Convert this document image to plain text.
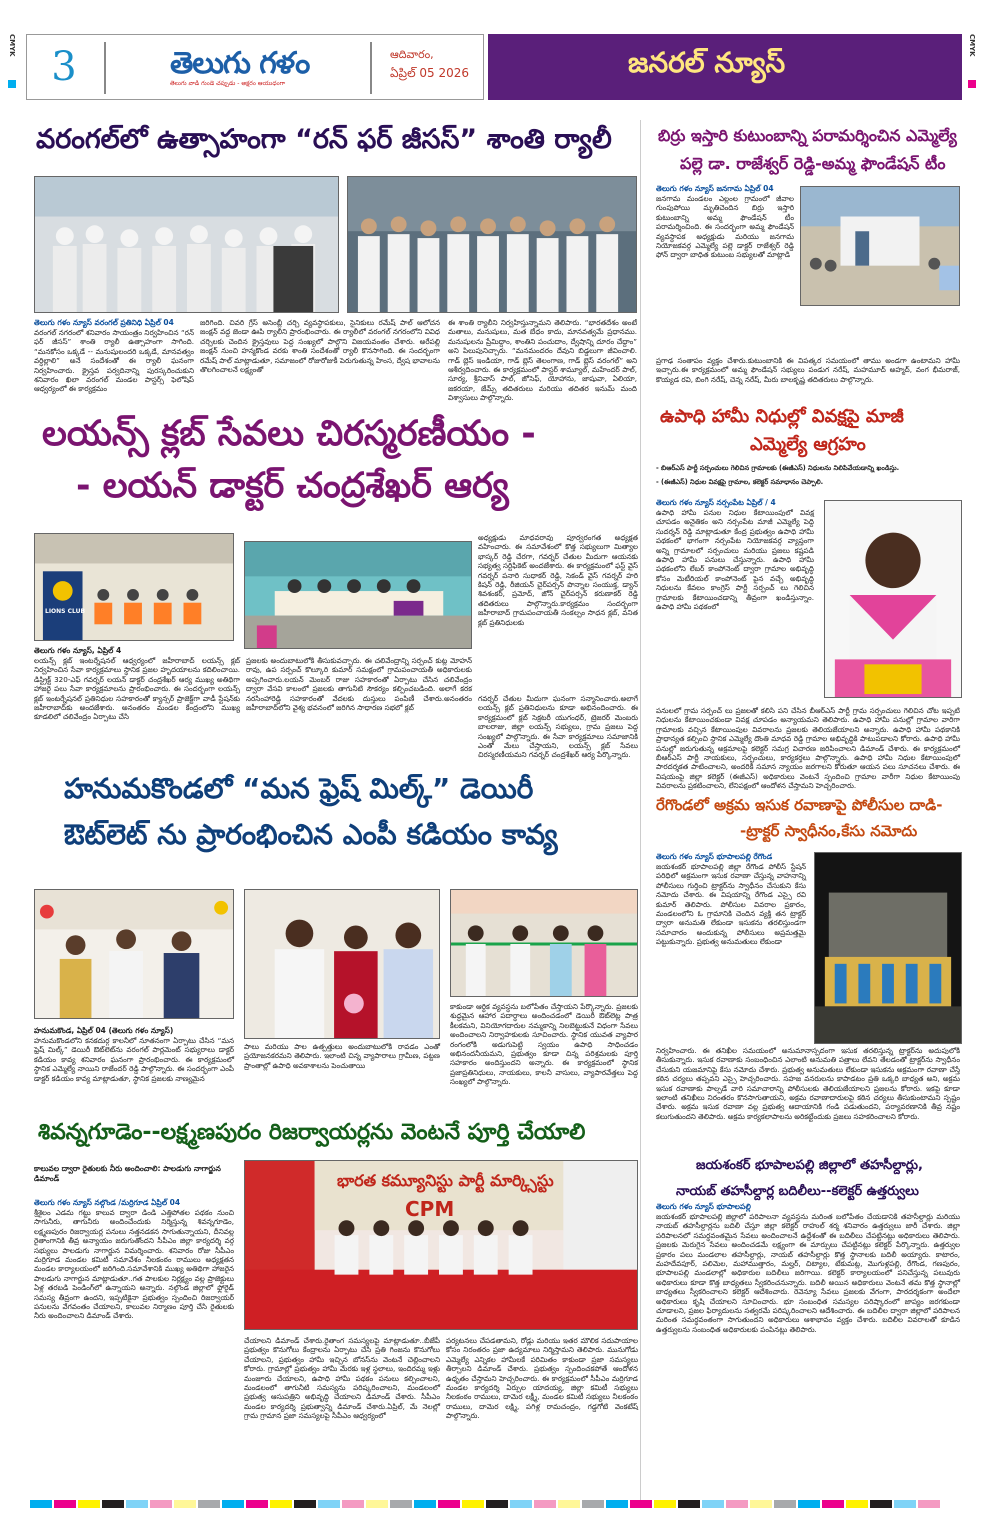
CMYK	CMYK
3	తెలుగు గళం
తెలుగు వాడి గుండె చప్పుడు - అక్షరం ఆయుధంగా
ఆదివారం,
ఏప్రిల్ 05 2026	జనరల్ న్యూస్
వరంగల్‌లో ఉత్సాహంగా “రన్ ఫర్ జీసస్” శాంతి ర్యాలీ
తెలుగు గళం న్యూస్ వరంగల్ ప్రతినిధి ఏప్రిల్ 04
వరంగల్ నగరంలో శనివారం సాయంత్రం నిర్వహించిన “రన్ ఫర్ జీసస్” శాంతి ర్యాలీ ఉత్సాహంగా సాగింది. “మనకోసం ఒక్కడే -- మనుషులందరి ఒక్కడే, మానవత్వం వర్ధిల్లాలి” అనే సందేశంతో ఈ ర్యాలీ ఘనంగా నిర్వహించారు. క్రైస్తవ పర్వదినాన్ని పురస్కరించుకుని శనివారం ఖిలా వరంగల్ మండల పాస్టర్స్ ఫెలోషిప్ ఆధ్వర్యంలో ఈ కార్యక్రమం
జరిగింది. చివరి గ్రేస్ అసెంబ్లీ చర్చి వ్యవస్థాపకులు, సైనికులు రమేష్ పాల్ ఆలోచన జంక్షన్ వద్ద జెండా ఊపి ర్యాలీని ప్రారంభించారు. ఈ ర్యాలీలో వరంగల్ నగరంలోని వివిధ చర్చిలకు చెందిన క్రైస్తవులు పెద్ద సంఖ్యలో పాల్గొని విజయవంతం చేశారు. అరేపల్లి జంక్షన్ నుంచి హన్మకొండ వరకు శాంతి సందేశంతో ర్యాలీ కొనసాగింది. ఈ సందర్భంగా రమేష్ పాల్ మాట్లాడుతూ, సమాజంలో రోజురోజుకీ పెరుగుతున్న హింస, ద్వేష భావాలను తొలగించాలనే లక్ష్యంతో
ఈ శాంతి ర్యాలీని నిర్వహిస్తున్నామని తెలిపారు. “భారతదేశం అంటే మతాలు, మనుషులు, మత బేధం కాదు, మానవత్వమే ప్రధానము. మనుషులను ప్రేమిద్దాం, శాంతిని పంచుదాం, ద్వేషాన్ని దూరం చేద్దాం” అని పిలుపునిచ్చారు. “మనమందరం దేవుని బిడ్డలుగా జీవించాలి. గాడ్ బ్లెస్ ఇండియా, గాడ్ బ్లెస్ తెలంగాణ, గాడ్ బ్లెస్ వరంగల్” అని ఆశీర్వదించారు. ఈ కార్యక్రమంలో పాస్టర్ శామ్యూల్, మహేందర్ పాల్, సూర్య, శ్రీనివాస్ పాల్, జోసెఫ్, యోహాను, జాషువా, ఏలియా, జకరయా, జేమ్స్ తదితరులు మరియు తదితర ఇనుమ్ మంది విశ్వాసులు పాల్గొన్నారు.
లయన్స్ క్లబ్ సేవలు చిరస్మరణీయం -
- లయన్ డాక్టర్ చంద్రశేఖర్ ఆర్య
LIONS CLUB
తెలుగు గళం న్యూస్, ఏప్రిల్ 4
లయన్స్ క్లబ్ ఇంటర్నేషనల్ ఆధ్వర్యంలో జహీరాబాద్ లయన్స్ క్లబ్ నిర్వహించిన సేవా కార్యక్రమాలు స్థానిక ప్రజల హృదయాలను కదిలించాయి. డిస్ట్రిక్ట్ 320-ఎఫ్ గవర్నర్ లయన్ డాక్టర్ చంద్రశేఖర్ ఆర్య ముఖ్య అతిథిగా హాజరై పలు సేవా కార్యక్రమాలను ప్రారంభించారు. ఈ సందర్భంగా లయన్స్ క్లబ్ ఇంటర్నేషనల్ ప్రతినిధుల సహకారంతో క్యాన్సర్ ప్రాజెక్ట్‌గా వాడీ స్టేషన్‌కు జహీరాబాద్‌కు అందజేశారు. అనంతరం మండల కేంద్రంలోని ముఖ్య కూడలిలో చలివేంద్రం ఏర్పాటు చేసి
ప్రజలకు అందుబాటులోకి తీసుకువచ్చారు. ఈ చలివేంద్రాన్ని సర్పంచ్ కుట్ల మోహన్ రావు, ఉప సర్పంచ్ కొల్కూరి కుమార్ సమక్షంలో గ్రామపంచాయతీ అధికారులకు అప్పగించారు.లయన్ మెంబర్ రాజు సహకారంతో ఏర్పాటు చేసిన చలివేంద్రం ద్వారా వేసవి కాలంలో ప్రజలకు తాగునీటి సౌకర్యం కల్పించబడింది. అలాగే కరక నరసింహారెడ్డి సహకారంతో వేదలకు దుస్తులు పంపిణీ చేశారు.అనంతరం జహీరాబాద్‌లోని వైశ్య భవనంలో జరిగిన సాధారణ సభలో క్లబ్
అధ్యక్షుడు మాధవరావు పూర్వరంగత అధ్యక్షత వహించారు. ఈ సమావేశంలో కొత్త సభ్యులుగా మిత్యాల భాస్కర్ రెడ్డి చేరగా, గవర్నర్ చేతుల మీదుగా ఆయనకు సభ్యత్వ సర్టిఫికెట్ అందజేశారు. ఈ కార్యక్రమంలో ఫస్ట్ వైస్ గవర్నర్ పనారి సుధాకర్ రెడ్డి, సెకండ్ వైస్ గవర్నర్ హరి కిషన్ రెడ్డి, రీజియన్ చైర్‌పర్సన్ పొన్నాల సంయుక్త, డ్యాన్ శివశంకర్, ప్రమోద్, జోన్ చైర్‌పర్సన్ కరుణాకర్ రెడ్డి తదితరులు పాల్గొన్నారు.కార్యక్రమం సందర్భంగా జహీరాబాద్ గ్రామపంచాయతీ సంకల్పం సాధన క్లబ్, వనిత క్లబ్ ప్రతినిధులకు
గవర్నర్ చేతుల మీదుగా ఘనంగా సన్మానించారు.అలాగే లయన్స్ క్లబ్ ప్రతినిధులను కూడా అభినందించారు. ఈ కార్యక్రమంలో క్లబ్ సెక్రటరీ యుగంధర్, ట్రెజరర్ మెంబరు బాలరాజు, జిల్లా లయన్స్ సభ్యులు, గ్రామ ప్రజలు పెద్ద సంఖ్యలో పాల్గొన్నారు. ఈ సేవా కార్యక్రమాలు సమాజానికి ఎంతో మేలు చేస్తాయని, లయన్స్ క్లబ్ సేవలు చిరస్మరణీయమని గవర్నర్ చంద్రశేఖర్ ఆర్య పేర్కొన్నారు.
హనుమకొండలో “మన ఫ్రెష్ మిల్క్” డెయిరీ
ఔట్‌లెట్ ను ప్రారంభించిన ఎంపీ కడియం కావ్య
హనుమకొండ, ఏప్రిల్ 04 (తెలుగు గళం న్యూస్)
హనుమకొండలోని కనకదుర్గ కాలనీలో నూతనంగా ఏర్పాటు చేసిన “మన ఫ్రెష్ మిల్క్” డెయిరీ ఔట్‌లెట్‌ను వరంగల్ పార్లమెంట్ సభ్యురాలు డాక్టర్ కడియం కావ్య శనివారం ఘనంగా ప్రారంభించారు. ఈ కార్యక్రమంలో స్థానిక ఎమ్మెల్యే నాయిని రాజేందర్ రెడ్డి పాల్గొన్నారు. ఈ సందర్భంగా ఎంపీ డాక్టర్ కడియం కావ్య మాట్లాడుతూ, స్థానిక ప్రజలకు నాణ్యమైన
పాలు మరియు పాల ఉత్పత్తులు అందుబాటులోకి రావడం ఎంతో ప్రయోజనకరమని తెలిపారు. ఇలాంటి చిన్న వ్యాపారాలు గ్రామీణ, పట్టణ ప్రాంతాల్లో ఉపాధి అవకాశాలను పెంచుతాయి
కాకుండా ఆర్థిక వ్యవస్థను బలోపేతం చేస్తాయని పేర్కొన్నారు. ప్రజలకు శుద్ధమైన ఆహార పదార్థాలు అందించడంలో డెయిరీ ఔట్‌లెట్ల పాత్ర కీలకమని, వినియోగదారుల నమ్మకాన్ని నిలబెట్టుకునే విధంగా సేవలు అందించాలని నిర్వాహకులకు సూచించారు. స్థానిక యువత వ్యాపార రంగంలోకి అడుగుపెట్టి స్వయం ఉపాధి సాధించడం అభినందనీయమని, ప్రభుత్వం కూడా చిన్న పరిశ్రమలకు పూర్తి సహకారం అందిస్తుందని అన్నారు. ఈ కార్యక్రమంలో స్థానిక ప్రజాప్రతినిధులు, నాయకులు, కాలనీ వాసులు, వ్యాపారవేత్తలు పెద్ద సంఖ్యలో పాల్గొన్నారు.
శివన్నగూడెం--లక్ష్మణపురం రిజర్వాయర్లను వెంటనే పూర్తి చేయాలి
కాలువల ద్వారా రైతులకు నీరు అందించాలి: పాలడుగు నాగార్జున డిమాండ్
తెలుగు గళం న్యూస్ నల్గొండ /మర్రిగూడ ఏప్రిల్ 04
భారత కమ్యూనిస్టు పార్టీ మార్క్సిస్టు
CPM
శ్రీశైలం ఎడమ గట్టు కాలువ ద్వారా డిండి ఎత్తిపోతల పథకం నుంచి సాగునీరు, తాగునీరు అందించేందుకు నిర్మిస్తున్న శివన్నగూడెం, లక్ష్మణపురం రిజర్వాయర్ల పనులు నత్తనడకన సాగుతున్నాయని, దీనివల్ల రైతాంగానికి తీవ్ర అన్యాయం జరుగుతోందని సీపీఎం జిల్లా కార్యదర్శి వర్గ సభ్యులు పాలడుగు నాగార్జున విమర్శించారు. శనివారం రోజు సీపీఎం మర్రిగూడ మండల కమిటీ సమావేశం నీలకంఠం రాములు అధ్యక్షతన మండల కార్యాలయంలో జరిగింది.సమావేశానికి ముఖ్య అతిథిగా హాజరైన పాలడుగు నాగార్జున మాట్లాడుతూ..గత పాలకుల నిర్లక్ష్యం వల్ల ప్రాజెక్టులు ఏళ్ల తరబడి పెండింగ్‌లో ఉన్నాయని అన్నారు. నల్గొండ జిల్లాలో ఫ్లోరైడ్ సమస్య తీవ్రంగా ఉందని, ఇప్పటికైనా ప్రభుత్వం స్పందించి రిజర్వాయర్ పనులను వేగవంతం చేయాలని, కాలువల నిర్మాణం పూర్తి చేసి రైతులకు నీరు అందించాలని డిమాండ్ చేశారు.
చేయాలని డిమాండ్ చేశారు.రైతాంగ సమస్యలపై మాట్లాడుతూ..బీజేపీ ప్రభుత్వం కొనుగోలు కేంద్రాలను ఏర్పాటు చేసి ప్రతి గింజను కొనుగోలు చేయాలని, ప్రభుత్వం హామీ ఇచ్చిన బోనస్‌ను వెంటనే చెల్లించాలని కోరారు. గ్రామాల్లో ప్రభుత్వం హామీ మేరకు ఇళ్ల స్థలాలు, ఇందిరమ్మ ఇళ్లు మంజూరు చేయాలని, ఉపాధి హామీ పథకం పనులు కల్పించాలని, మండలంలో తాగునీటి సమస్యను పరిష్కరించాలని, మండలంలో ప్రభుత్వ ఆసుపత్రిని అభివృద్ధి చేయాలని డిమాండ్ చేశారు. సీపీఎం మండల కార్యదర్శి ప్రభుత్వాన్ని డిమాండ్ చేశారు.ఏప్రిల్, మే నెలల్లో గ్రామ గ్రామాన ప్రజా సమస్యలపై సీపీఎం ఆధ్వర్యంలో
పర్యటనలు చేపడతామని, రోడ్లు మరియు ఇతర మౌలిక సదుపాయాల కోసం నిరంతరం ప్రజా ఉద్యమాలు నిర్మిస్తామని తెలిపారు. మునుగోడు ఎమ్మెల్యే ఎన్నికల హామీలకే పరిమితం కాకుండా ప్రజా సమస్యలు తీర్చాలని డిమాండ్ చేశారు. ప్రభుత్వం స్పందించకపోతే ఆందోళన ఉధృతం చేస్తామని హెచ్చరించారు. ఈ కార్యక్రమంలో సీపీఎం మర్రిగూడ మండల కార్యదర్శి ఏర్పుల యాదయ్య, జిల్లా కమిటీ సభ్యులు నీలకంఠం రాములు, దామెర లక్ష్మీ, మండల కమిటీ సభ్యులు నీలకంఠం రాములు, దామెర లక్ష్మి, పగిళ్ల రామచంద్రం, గడ్డగోటి వెంకటేష్ పాల్గొన్నారు.
బిర్రు ఇస్తారి కుటుంబాన్ని పరామర్శించిన ఎమ్మెల్యే
పల్లె డా. రాజేశ్వర్ రెడ్డి-అమ్మ ఫౌండేషన్ టీం
తెలుగు గళం న్యూస్ జనగామ ఏప్రిల్ 04
జనగామ మండలం ఎల్లంల గ్రామంలో జీవాల గుంపుపోయి మృతిచెందిన బిర్రు ఇస్తారి కుటుంబాన్ని అమ్మ ఫౌండేషన్ టీం పరామర్శించింది. ఈ సందర్భంగా అమ్మ ఫౌండేషన్ వ్యవస్థాపక అధ్యక్షుడు మరియు జనగామ నియోజకవర్గ ఎమ్మెల్యే పల్లె డాక్టర్ రాజేశ్వర్ రెడ్డి ఫోన్ ద్వారా బాధిత కుటుంబ సభ్యులతో మాట్లాడి
ప్రగాఢ సంతాపం వ్యక్తం చేశారు.కుటుంబానికి ఈ విపత్కర సమయంలో తాము అండగా ఉంటామని హామీ ఇచ్చారు.ఈ కార్యక్రమంలో అమ్మ ఫౌండేషన్ సభ్యులు పండుగ నరేష్, మహమూద్ అహ్మద్, వంగ భీమరాజ్, కొయ్యడ రవి, బింగి నరేష్, చెన్న నరేష్, మీరు బాలకృష్ణ తదితరులు పాల్గొన్నారు.
ఉపాధి హామీ నిధుల్లో వివక్షపై మాజీ
ఎమ్మెల్యే ఆగ్రహం
- బిఆర్ఎస్ పార్టీ సర్పంచులు గెలిచిన గ్రామాలకు (ఈజీఎస్) నిధులను నిలిపివేయడాన్ని ఖండిస్తు.
- (ఈజీఎస్) నిధుల వివక్షపై గ్రామాల, కలెక్టర్ సమాధానం చెప్పాలి.
తెలుగు గళం న్యూస్ నర్సంపేట ఏప్రిల్ / 4
ఉపాధి హామీ పనుల నిధుల కేటాయింపులో వివక్ష చూపడం అనైతికం అని నర్సంపేట మాజీ ఎమ్మెల్యే పెద్ది సుదర్శన్ రెడ్డి మాట్లాడుతూ కేంద్ర ప్రభుత్వం ఉపాధి హామీ పథకంలో భాగంగా నర్సంపేట నియోజకవర్గ వ్యాప్తంగా అన్ని గ్రామాలలో సర్పంచులు మరియు ప్రజలు కష్టపడి ఉపాధి హామీ పనులు చేస్తున్నారు. ఉపాధి హామీ పథకంలోని లేబర్ కాంపోనెంట్ ద్వారా గ్రామాల అభివృద్ధి కోసం మెటీరియల్ కాంపోనెంట్ పైన వచ్చే అభివృద్ధి నిధులను కేవలం కాంగ్రెస్ పార్టీ సర్పంచ్ లు గెలిచిన గ్రామాలకు కేటాయించడాన్ని తీవ్రంగా ఖండిస్తున్నాం. ఉపాధి హామీ పథకంలో
పనులలో గ్రామ సర్పంచ్ లు ప్రజలతో కలిసి పని చేసిన బీఆర్ఎస్ పార్టీ గ్రామ సర్పంచులు గెలిచిన చోట ఇప్పటి నిధులను కేటాయించకుండా వివక్ష చూపడం అన్యాయమని తెలిపారు. ఉపాధి హామీ పనుల్లో గ్రామాల వారిగా గ్రామాలకు వచ్చిన కేటాయింపుల వివరాలను ప్రజలకు తెలియజేయాలని అన్నారు. ఉపాధి హామీ పథకానికి ప్రాధాన్యత కల్పించి స్థానిక ఎమ్మెల్యే దొంతి మాధవ రెడ్డి గ్రామాల అభివృద్ధికి పాటుపడాలని కోరారు. ఉపాధి హామీ పనుల్లో జరుగుతున్న అక్రమాలపై కలెక్టర్ సమగ్ర విచారణ జరిపించాలని డిమాండ్ చేశారు. ఈ కార్యక్రమంలో బీఆర్ఎస్ పార్టీ నాయకులు, సర్పంచులు, కార్యకర్తలు పాల్గొన్నారు. ఉపాధి హామీ నిధుల కేటాయింపులో పారదర్శకత పాటించాలని, అందరికీ సమాన న్యాయం జరగాలని కోరుతూ ఆయన పలు సూచనలు చేశారు. ఈ విషయంపై జిల్లా కలెక్టర్ (ఈజీఎస్) అధికారులు వెంటనే స్పందించి గ్రామాల వారీగా నిధుల కేటాయింపు వివరాలను ప్రకటించాలని, లేనిపక్షంలో ఆందోళన చేస్తామని హెచ్చరించారు.
రేగొండలో అక్రమ ఇసుక రవాణాపై పోలీసుల దాడి-
-ట్రాక్టర్ స్వాధీనం,కేసు నమోదు
తెలుగు గళం న్యూస్ భూపాలపల్లి రేగొండ
జయశంకర్ భూపాలపల్లి జిల్లా రేగొండ పోలీస్ స్టేషన్ పరిధిలో అక్రమంగా ఇసుక రవాణా చేస్తున్న వాహనాన్ని పోలీసులు గుర్తించి ట్రాక్టర్‌ను స్వాధీనం చేసుకుని కేసు నమోదు చేశారు. ఈ విషయాన్ని రేగొండ ఎస్సై రవి కుమార్ తెలిపారు. పోలీసుల వివరాల ప్రకారం, మండలంలోని ఓ గ్రామానికి చెందిన వ్యక్తి తన ట్రాక్టర్ ద్వారా అనుమతి లేకుండా ఇసుకను తరలిస్తుండగా సమాచారం అందుకున్న పోలీసులు అప్రమత్తమై పట్టుకున్నారు. ప్రభుత్వ అనుమతులు లేకుండా
నిర్వహించారు. ఈ తనిఖీల సమయంలో అనుమానాస్పదంగా ఇసుక తరలిస్తున్న ట్రాక్టర్‌ను అదుపులోకి తీసుకున్నారు. ఇసుక రవాణాకు సంబంధించిన ఎలాంటి అనుమతి పత్రాలు లేవని తేలడంతో ట్రాక్టర్‌ను స్వాధీనం చేసుకుని యజమానిపై కేసు నమోదు చేశారు. ప్రభుత్వ అనుమతులు లేకుండా ఇసుకను అక్రమంగా రవాణా చేస్తే కఠిన చర్యలు తప్పవని ఎస్సై హెచ్చరించారు. సహజ వనరులను కాపాడటం ప్రతి ఒక్కరి బాధ్యత అని, అక్రమ ఇసుక రవాణాకు పాల్పడే వారి సమాచారాన్ని పోలీసులకు తెలియజేయాలని ప్రజలను కోరారు. ఇకపై కూడా ఇలాంటి తనిఖీలు నిరంతరం కొనసాగుతాయని, అక్రమ రవాణాదారులపై కఠిన చర్యలు తీసుకుంటామని స్పష్టం చేశారు. అక్రమ ఇసుక రవాణా వల్ల ప్రభుత్వ ఆదాయానికి గండి పడుతుందని, పర్యావరణానికి తీవ్ర నష్టం కలుగుతుందని తెలిపారు. అక్రమ కార్యకలాపాలను అరికట్టేందుకు ప్రజలు సహకరించాలని కోరారు.
జయశంకర్ భూపాలపల్లి జిల్లాలో తహసీల్దార్లు,
నాయబ్ తహసీల్దార్ల బదిలీలు--కలెక్టర్ ఉత్తర్వులు
తెలుగు గళం న్యూస్ భూపాలపల్లి
జయశంకర్ భూపాలపల్లి జిల్లాలో పరిపాలనా వ్యవస్థను మరింత బలోపేతం చేయడానికి తహసీల్దార్లు మరియు నాయబ్ తహసీల్దార్లను బదిలీ చేస్తూ జిల్లా కలెక్టర్ రాహుల్ శర్మ శనివారం ఉత్తర్వులు జారీ చేశారు. జిల్లా పరిపాలనలో సమర్థవంతమైన సేవలు అందించాలనే ఉద్దేశంతో ఈ బదిలీలు చేపట్టినట్లు అధికారులు తెలిపారు. ప్రజలకు మెరుగైన సేవలు అందించడమే లక్ష్యంగా ఈ మార్పులు చేపట్టినట్లు కలెక్టర్ పేర్కొన్నారు. ఉత్తర్వుల ప్రకారం పలు మండలాల తహసీల్దార్లు, నాయబ్ తహసీల్దార్లు కొత్త స్థానాలకు బదిలీ అయ్యారు. కాటారం, మహదేవపూర్, పలిమెల, మహాముత్తారం, మల్హర్, చిట్యాల, టేకుమట్ల, మొగుళ్లపల్లి, రేగొండ, గణపురం, భూపాలపల్లి మండలాల్లో అధికారుల బదిలీలు జరిగాయి. కలెక్టర్ కార్యాలయంలో పనిచేస్తున్న పలువురు అధికారులు కూడా కొత్త బాధ్యతలు స్వీకరించనున్నారు. బదిలీ అయిన అధికారులు వెంటనే తమ కొత్త స్థానాల్లో బాధ్యతలు స్వీకరించాలని కలెక్టర్ ఆదేశించారు. రెవెన్యూ సేవలు ప్రజలకు వేగంగా, పారదర్శకంగా అందేలా అధికారులు కృషి చేయాలని సూచించారు. భూ సంబంధిత సమస్యల పరిష్కారంలో జాప్యం జరగకుండా చూడాలని, ప్రజల ఫిర్యాదులను సత్వరమే పరిష్కరించాలని ఆదేశించారు. ఈ బదిలీల ద్వారా జిల్లాలో పరిపాలన మరింత సమర్థవంతంగా సాగుతుందని అధికారులు ఆశాభావం వ్యక్తం చేశారు. బదిలీల వివరాలతో కూడిన ఉత్తర్వులను సంబంధిత అధికారులకు పంపినట్లు తెలిపారు.
